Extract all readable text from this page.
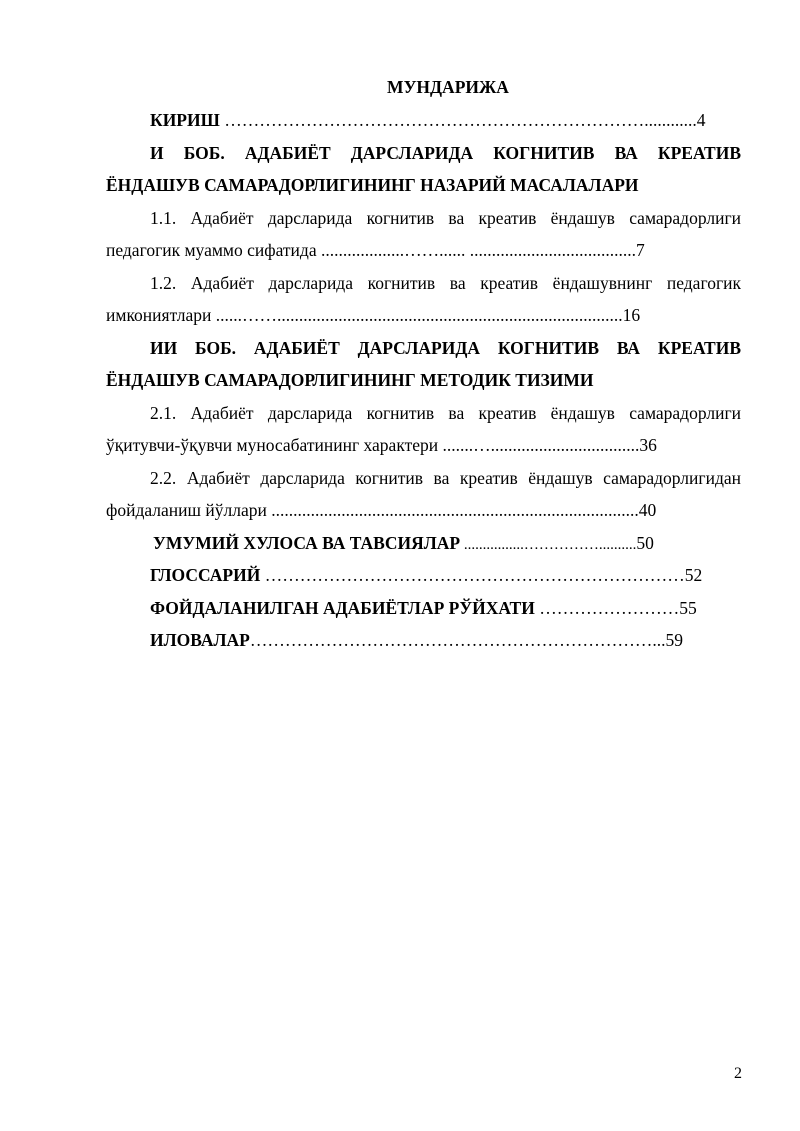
МУНДАРИЖА
КИРИШ ………………………………………………………………............4
И БОБ. АДАБИЁТ ДАРСЛАРИДА КОГНИТИВ ВА КРЕАТИВ
ЁНДАШУВ САМАРАДОРЛИГИНИНГ НАЗАРИЙ МАСАЛАЛАРИ
1.1. Адабиёт дарсларида когнитив ва креатив ёндашув самарадорлиги
педагогик муаммо сифатида ...................……...... ......................................7
1.2. Адабиёт дарсларида когнитив ва креатив ёндашувнинг педагогик
имкониятлари ......……...............................................................................16
ИИ БОБ. АДАБИЁТ ДАРСЛАРИДА КОГНИТИВ ВА КРЕАТИВ
ЁНДАШУВ САМАРАДОРЛИГИНИНГ МЕТОДИК ТИЗИМИ
2.1. Адабиёт дарсларида когнитив ва креатив ёндашув самарадорлиги
ўқитувчи-ўқувчи муносабатининг характери .......…..................................36
2.2. Адабиёт дарсларида когнитив ва креатив ёндашув самарадорлигидан
фойдаланиш йўллари ....................................................................................40
УМУМИЙ ХУЛОСА ВА ТАВСИЯЛАР ................……………..........50
ГЛОССАРИЙ ………………………………………………………………52
ФОЙДАЛАНИЛГАН АДАБИЁТЛАР РЎЙХАТИ ……………………55
ИЛОВАЛАР……………………………………………………………...59
2
